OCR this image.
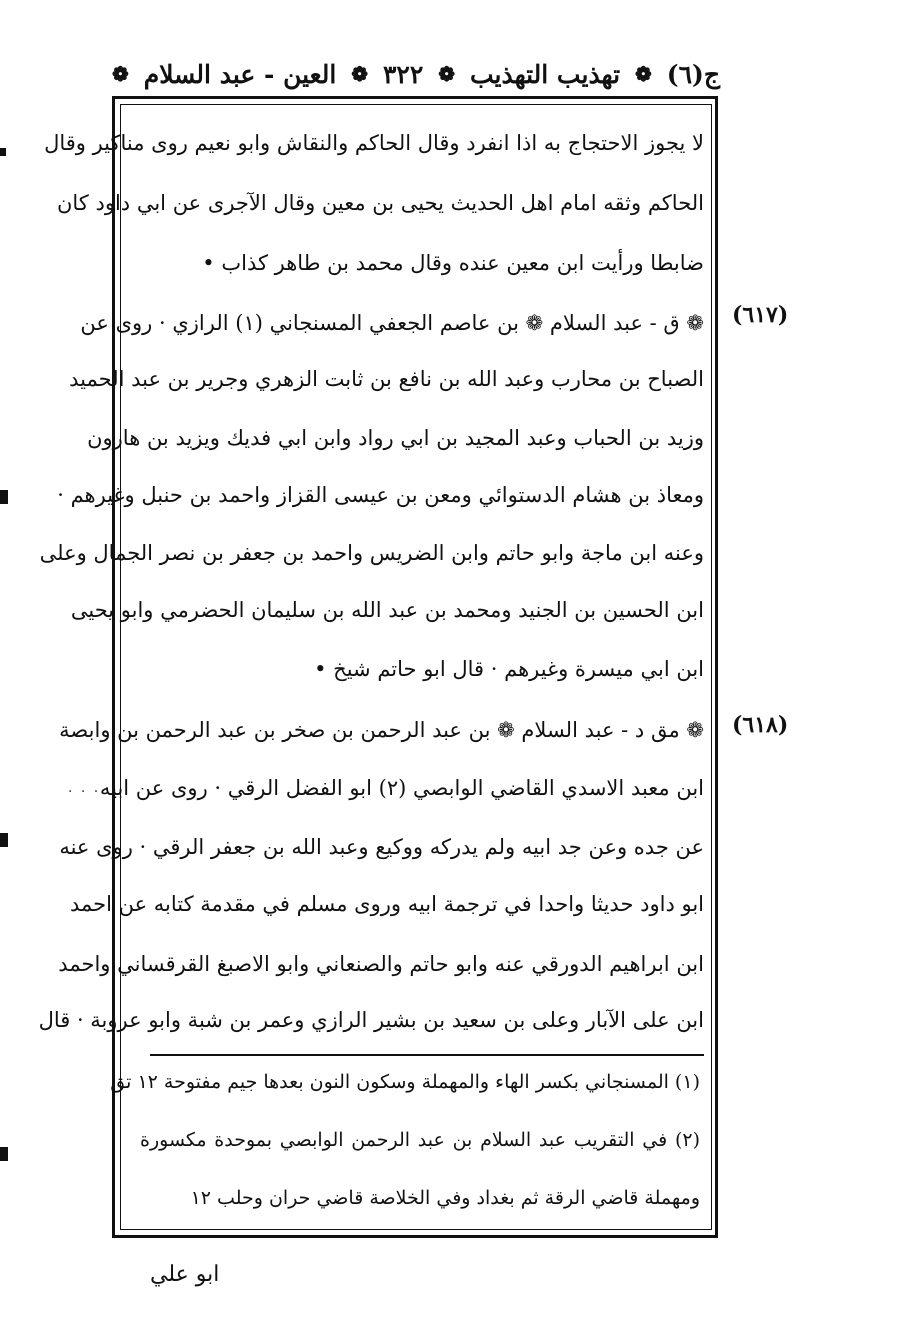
ج(٦)
❁
تهذيب التهذيب
❁
٣٢٢
❁
العين - عبد السلام
❁
لا يجوز الاحتجاج به اذا انفرد وقال الحاكم والنقاش وابو نعيم روى مناكير وقال
الحاكم وثقه امام اهل الحديث يحيى بن معين وقال الآجرى عن ابي داود كان
ضابطا ورأيت ابن معين عنده وقال محمد بن طاهر كذاب •
❁ ق - عبد السلام ❁ بن عاصم الجعفي المسنجاني (١) الرازي · روى عن
الصباح بن محارب وعبد الله بن نافع بن ثابت الزهري وجرير بن عبد الحميد
وزيد بن الحباب وعبد المجيد بن ابي رواد وابن ابي فديك ويزيد بن هارون
ومعاذ بن هشام الدستوائي ومعن بن عيسى القزاز واحمد بن حنبل وغيرهم ·
وعنه ابن ماجة وابو حاتم وابن الضريس واحمد بن جعفر بن نصر الجمال وعلى
ابن الحسين بن الجنيد ومحمد بن عبد الله بن سليمان الحضرمي وابو يحيى
ابن ابي ميسرة وغيرهم · قال ابو حاتم شيخ •
❁ مق د - عبد السلام ❁ بن عبد الرحمن بن صخر بن عبد الرحمن بن وابصة
ابن معبد الاسدي القاضي الوابصي (٢) ابو الفضل الرقي · روى عن ابيه
عن جده وعن جد ابيه ولم يدركه ووكيع وعبد الله بن جعفر الرقي · روى عنه
ابو داود حديثا واحدا في ترجمة ابيه وروى مسلم في مقدمة كتابه عن احمد
ابن ابراهيم الدورقي عنه وابو حاتم والصنعاني وابو الاصبغ القرقساني واحمد
ابن على الآبار وعلى بن سعيد بن بشير الرازي وعمر بن شبة وابو عروبة · قال
(٦١٧)
(٦١٨)
(١) المسنجاني بكسر الهاء والمهملة وسكون النون بعدها جيم مفتوحة ١٢ تق
(٢) في التقريب عبد السلام بن عبد الرحمن الوابصي بموحدة مكسورة
ومهملة قاضي الرقة ثم بغداد وفي الخلاصة قاضي حران وحلب ١٢
ابو علي
· · ·
